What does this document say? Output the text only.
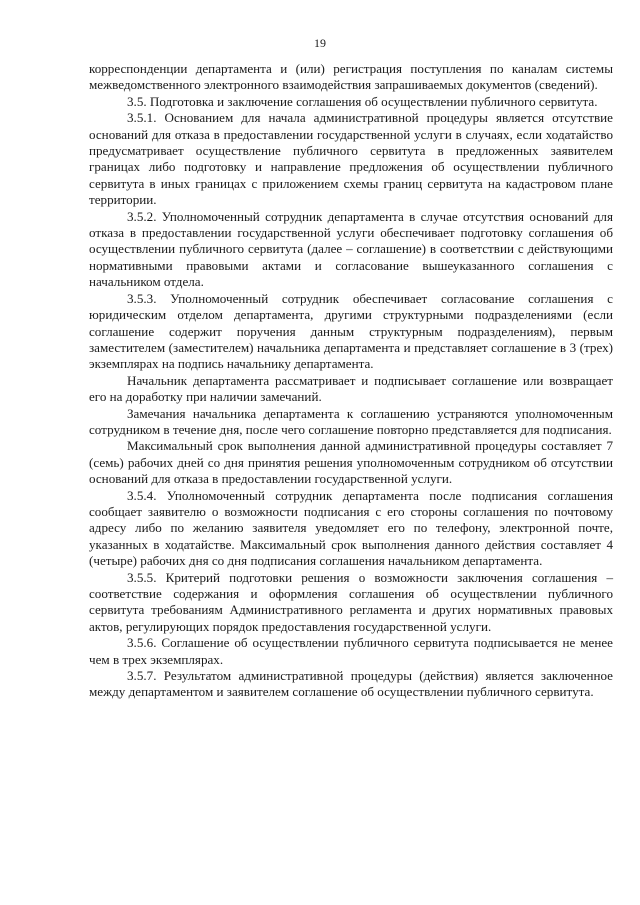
19

корреспонденции департамента и (или) регистрация поступления по каналам системы межведомственного электронного взаимодействия запрашиваемых документов (сведений).

3.5. Подготовка и заключение соглашения об осуществлении публичного сервитута.

3.5.1. Основанием для начала административной процедуры является отсутствие оснований для отказа в предоставлении государственной услуги в случаях, если ходатайство предусматривает осуществление публичного сервитута в предложенных заявителем границах либо подготовку и направление предложения об осуществлении публичного сервитута в иных границах с приложением схемы границ сервитута на кадастровом плане территории.

3.5.2. Уполномоченный сотрудник департамента в случае отсутствия оснований для отказа в предоставлении государственной услуги обеспечивает подготовку соглашения об осуществлении публичного сервитута (далее – соглашение) в соответствии с действующими нормативными правовыми актами и согласование вышеуказанного соглашения с начальником отдела.

3.5.3. Уполномоченный сотрудник обеспечивает согласование соглашения с юридическим отделом департамента, другими структурными подразделениями (если соглашение содержит поручения данным структурным подразделениям), первым заместителем (заместителем) начальника департамента и представляет соглашение в 3 (трех) экземплярах на подпись начальнику департамента.

Начальник департамента рассматривает и подписывает соглашение или возвращает его на доработку при наличии замечаний.

Замечания начальника департамента к соглашению устраняются уполномоченным сотрудником в течение дня, после чего соглашение повторно представляется для подписания.

Максимальный срок выполнения данной административной процедуры составляет 7 (семь) рабочих дней со дня принятия решения уполномоченным сотрудником об отсутствии оснований для отказа в предоставлении государственной услуги.

3.5.4. Уполномоченный сотрудник департамента после подписания соглашения сообщает заявителю о возможности подписания с его стороны соглашения по почтовому адресу либо по желанию заявителя уведомляет его по телефону, электронной почте, указанных в ходатайстве. Максимальный срок выполнения данного действия составляет 4 (четыре) рабочих дня со дня подписания соглашения начальником департамента.

3.5.5. Критерий подготовки решения о возможности заключения соглашения – соответствие содержания и оформления соглашения об осуществлении публичного сервитута требованиям Административного регламента и других нормативных правовых актов, регулирующих порядок предоставления государственной услуги.

3.5.6. Соглашение об осуществлении публичного сервитута подписывается не менее чем в трех экземплярах.

3.5.7. Результатом административной процедуры (действия) является заключенное между департаментом и заявителем соглашение об осуществлении публичного сервитута.
